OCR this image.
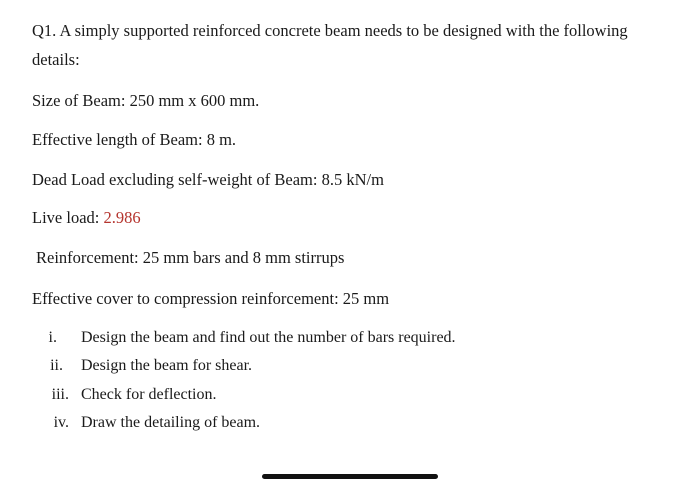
Q1. A simply supported reinforced concrete beam needs to be designed with the following
details:
Size of Beam: 250 mm x 600 mm.
Effective length of Beam: 8 m.
Dead Load excluding self-weight of Beam: 8.5 kN/m
Live load: 2.986
Reinforcement: 25 mm bars and 8 mm stirrups
Effective cover to compression reinforcement: 25 mm
i. Design the beam and find out the number of bars required.
ii. Design the beam for shear.
iii. Check for deflection.
iv. Draw the detailing of beam.
